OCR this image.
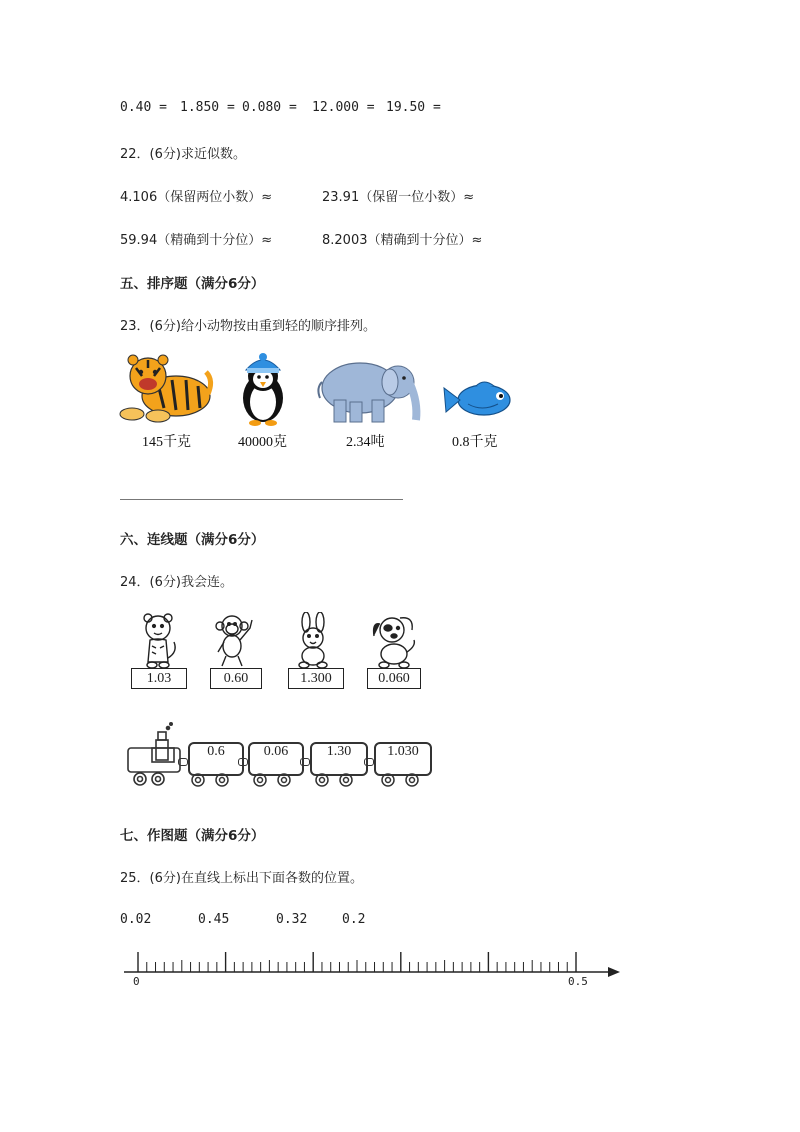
0.40 = 1.850 = 0.080 = 12.000 = 19.50 =
22．(6分)求近似数。
4.106（保留两位小数）≈	23.91（保留一位小数）≈
59.94（精确到十分位）≈	8.2003（精确到十分位）≈
五、排序题（满分6分）
23．(6分)给小动物按由重到轻的顺序排列。
145千克	40000克	2.34吨	0.8千克
六、连线题（满分6分）
24．(6分)我会连。
1.03	0.60	1.300	0.060
0.6	0.06	1.30	1.030
七、作图题（满分6分）
25．(6分)在直线上标出下面各数的位置。
0.02	0.45	0.32	0.2
0	0.5
